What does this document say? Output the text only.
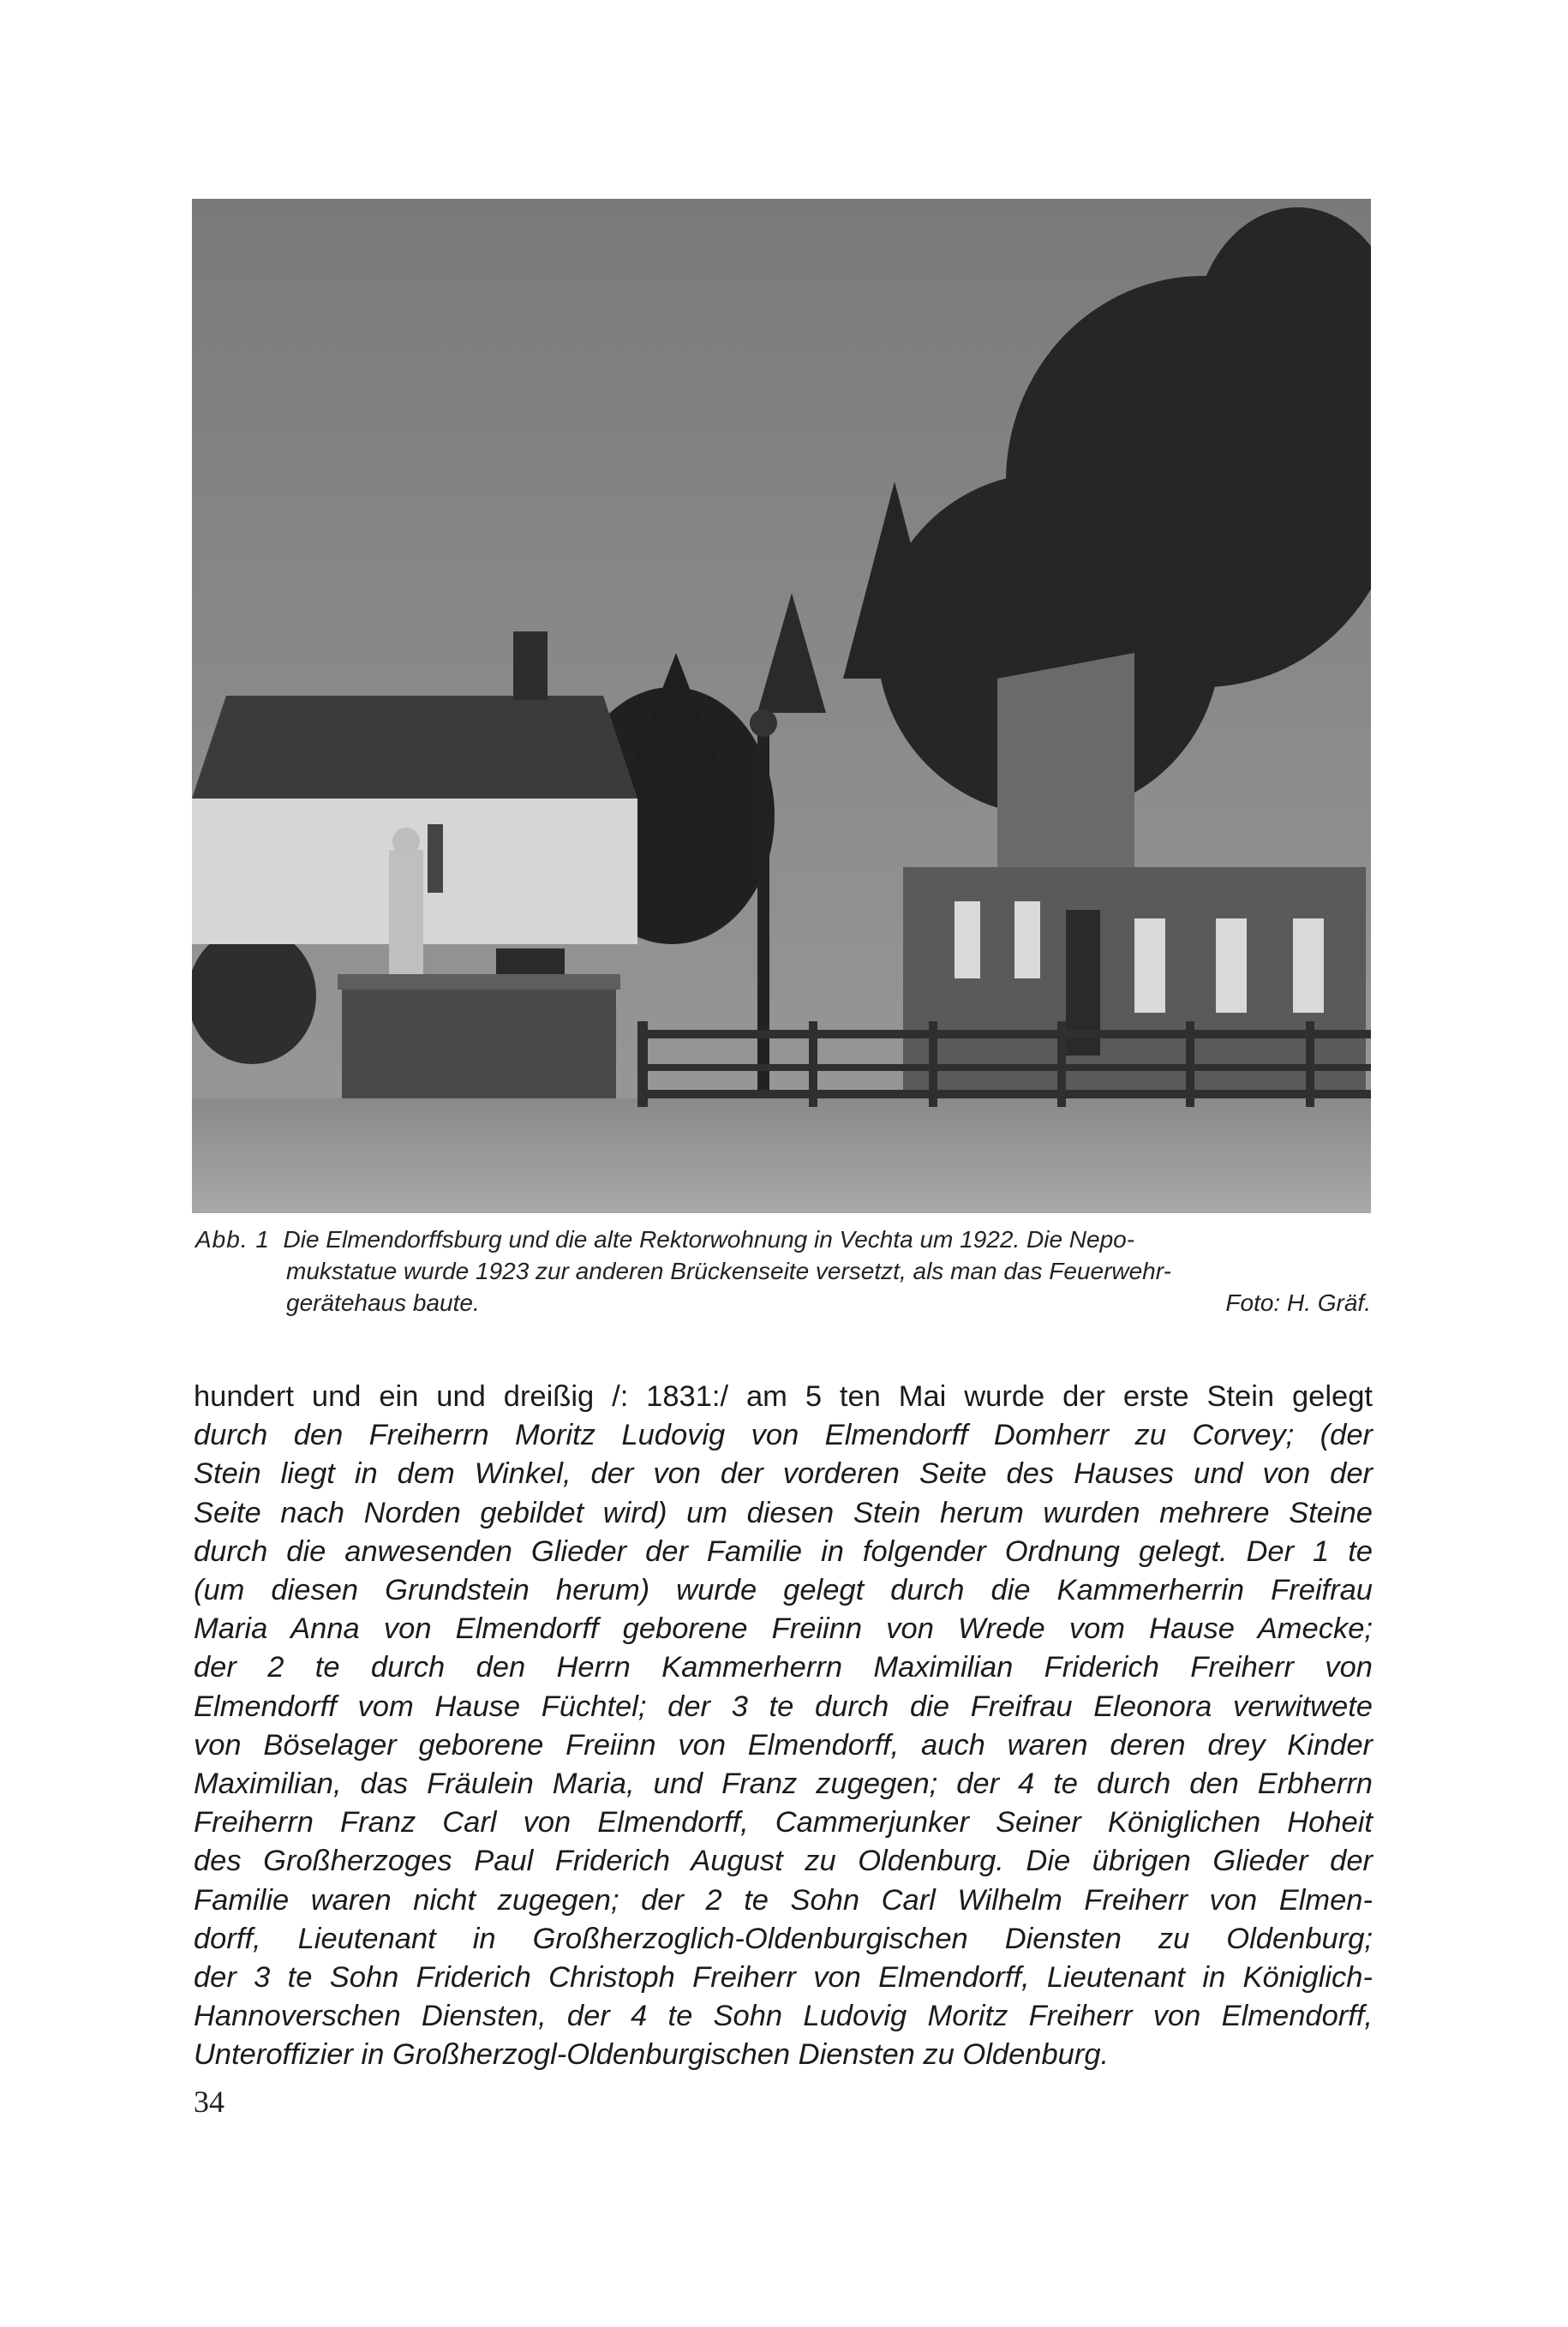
Abb. 1 Die Elmendorffsburg und die alte Rektorwohnung in Vechta um 1922. Die Nepo-
mukstatue wurde 1923 zur anderen Brückenseite versetzt, als man das Feuerwehr-
gerätehaus baute.	Foto: H. Gräf.
hundert und ein und dreißig /: 1831:/ am 5 ten Mai wurde der erste Stein gelegt
durch den Freiherrn Moritz Ludovig von Elmendorff Domherr zu Corvey; (der
Stein liegt in dem Winkel, der von der vorderen Seite des Hauses und von der
Seite nach Norden gebildet wird) um diesen Stein herum wurden mehrere Steine
durch die anwesenden Glieder der Familie in folgender Ordnung gelegt. Der 1 te
(um diesen Grundstein herum) wurde gelegt durch die Kammerherrin Freifrau
Maria Anna von Elmendorff geborene Freiinn von Wrede vom Hause Amecke;
der 2 te durch den Herrn Kammerherrn Maximilian Friderich Freiherr von
Elmendorff vom Hause Füchtel; der 3 te durch die Freifrau Eleonora verwitwete
von Böselager geborene Freiinn von Elmendorff, auch waren deren drey Kinder
Maximilian, das Fräulein Maria, und Franz zugegen; der 4 te durch den Erbherrn
Freiherrn Franz Carl von Elmendorff, Cammerjunker Seiner Königlichen Hoheit
des Großherzoges Paul Friderich August zu Oldenburg. Die übrigen Glieder der
Familie waren nicht zugegen; der 2 te Sohn Carl Wilhelm Freiherr von Elmen-
dorff, Lieutenant in Großherzoglich-Oldenburgischen Diensten zu Oldenburg;
der 3 te Sohn Friderich Christoph Freiherr von Elmendorff, Lieutenant in Königlich-
Hannoverschen Diensten, der 4 te Sohn Ludovig Moritz Freiherr von Elmendorff,
Unteroffizier in Großherzogl-Oldenburgischen Diensten zu Oldenburg.
34
